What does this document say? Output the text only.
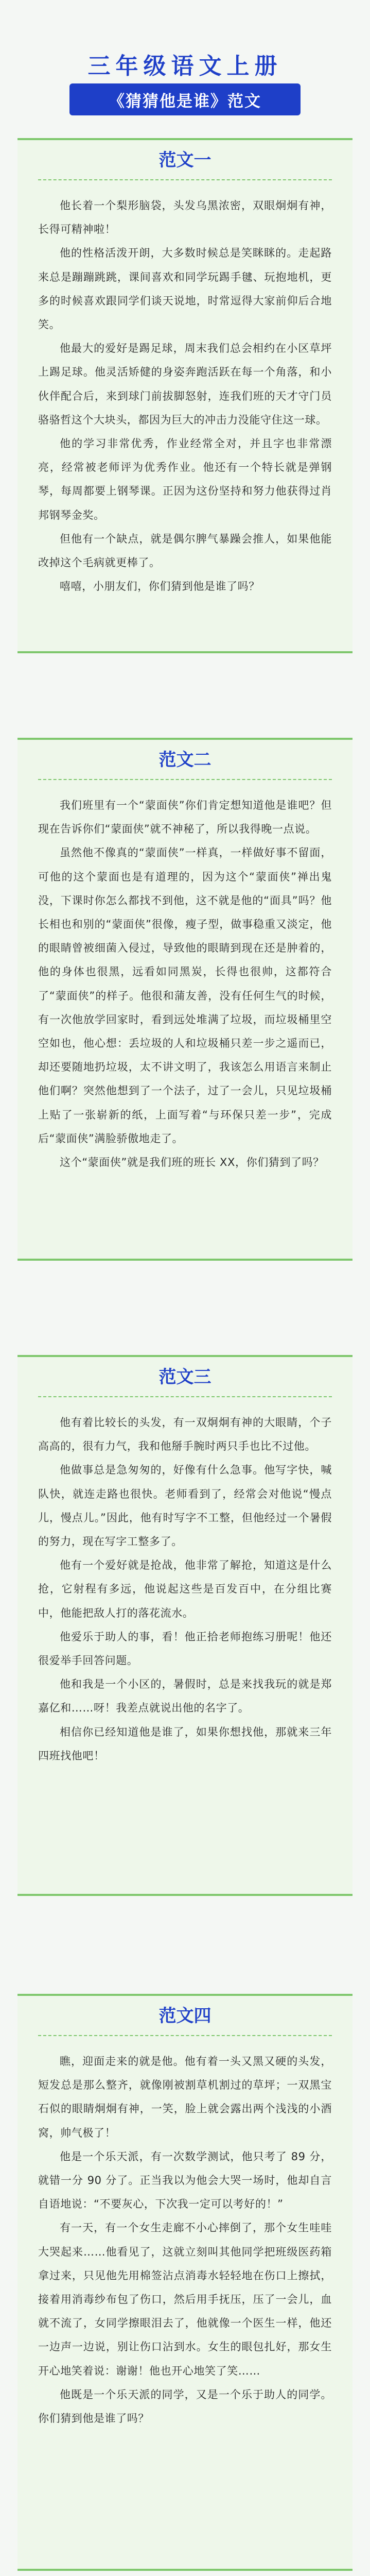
三年级语文上册
《猜猜他是谁》范文
范文一

他长着一个梨形脑袋，头发乌黑浓密，双眼炯炯有神，长得可精神啦！

他的性格活泼开朗，大多数时候总是笑眯眯的。走起路来总是蹦蹦跳跳，课间喜欢和同学玩踢手毽、玩抱地机，更多的时候喜欢跟同学们谈天说地，时常逗得大家前仰后合地笑。

他最大的爱好是踢足球，周末我们总会相约在小区草坪上踢足球。他灵活矫健的身姿奔跑活跃在每一个角落，和小伙伴配合后，来到球门前拔脚怒射，连我们班的天才守门员骆骆哲这个大块头，都因为巨大的冲击力没能守住这一球。

他的学习非常优秀，作业经常全对，并且字也非常漂亮，经常被老师评为优秀作业。他还有一个特长就是弹钢琴，每周都要上钢琴课。正因为这份坚持和努力他获得过肖邦钢琴金奖。

但他有一个缺点，就是偶尔脾气暴躁会推人，如果他能改掉这个毛病就更棒了。

嘻嘻，小朋友们，你们猜到他是谁了吗？

范文二

我们班里有一个“蒙面侠”你们肯定想知道他是谁吧？但现在告诉你们“蒙面侠”就不神秘了，所以我得晚一点说。

虽然他不像真的“蒙面侠”一样真，一样做好事不留面，可他的这个蒙面也是有道理的，因为这个“蒙面侠”禅出鬼没，下课时你怎么都找不到他，这不就是他的“面具”吗？他长相也和别的“蒙面侠”很像，瘦子型，做事稳重又淡定，他的眼睛曾被细菌入侵过，导致他的眼睛到现在还是肿着的，他的身体也很黑，远看如同黑炭，长得也很帅，这都符合了“蒙面侠”的样子。他很和蒲友善，没有任何生气的时候，有一次他放学回家时，看到远处堆满了垃圾，而垃圾桶里空空如也，他心想：丢垃圾的人和垃圾桶只差一步之遥而已，却还要随地扔垃圾，太不讲文明了，我该怎么用语言来制止他们啊？突然他想到了一个法子，过了一会儿，只见垃圾桶上贴了一张崭新的纸，上面写着“与环保只差一步”，完成后“蒙面侠”满脸骄傲地走了。

这个“蒙面侠”就是我们班的班长 XX，你们猜到了吗？

范文三

他有着比较长的头发，有一双炯炯有神的大眼睛，个子高高的，很有力气，我和他掰手腕时两只手也比不过他。

他做事总是急匆匆的，好像有什么急事。他写字快，喊队快，就连走路也很快。老师看到了，经常会对他说“慢点儿，慢点儿。”因此，他有时写字不工整，但他经过一个暑假的努力，现在写字工整多了。

他有一个爱好就是抢战，他非常了解抢，知道这是什么抢，它射程有多远，他说起这些是百发百中，在分组比赛中，他能把敌人打的落花流水。

他爱乐于助人的事，看！他正拾老师抱练习册呢！他还很爱举手回答问题。

他和我是一个小区的，暑假时，总是来找我玩的就是郑嘉亿和……呀！我差点就说出他的名字了。

相信你已经知道他是谁了，如果你想找他，那就来三年四班找他吧！

范文四

瞧，迎面走来的就是他。他有着一头又黑又硬的头发，短发总是那么整齐，就像刚被割草机割过的草坪；一双黑宝石似的眼睛炯炯有神，一笑，脸上就会露出两个浅浅的小酒窝，帅气极了！

他是一个乐天派，有一次数学测试，他只考了 89 分，就错一分 90 分了。正当我以为他会大哭一场时，他却自言自语地说：“不要灰心，下次我一定可以考好的！”

有一天，有一个女生走廊不小心摔倒了，那个女生哇哇大哭起来……他看见了，这就立刻叫其他同学把班级医药箱拿过来，只见他先用棉签沾点消毒水轻轻地在伤口上擦拭，接着用消毒纱布包了伤口，然后用手抚压，压了一会儿，血就不流了，女同学擦眼泪去了，他就像一个医生一样，他还一边声一边说，别让伤口沾到水。女生的眼包扎好，那女生开心地笑着说：谢谢！他也开心地笑了笑……

他既是一个乐天派的同学，又是一个乐于助人的同学。你们猜到他是谁了吗？
